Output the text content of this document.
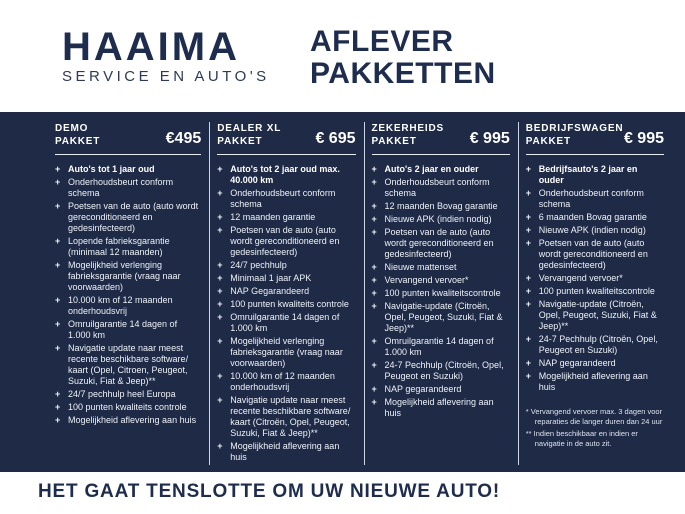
HAAIMA
SERVICE EN AUTO'S
AFLEVER
PAKKETTEN
DEMO
PAKKET	€495
+ Auto's tot 1 jaar oud
+ Onderhoudsbeurt conform schema
+ Poetsen van de auto (auto wordt gereconditioneerd en gedesinfecteerd)
+ Lopende fabrieksgarantie (minimaal 12 maanden)
+ Mogelijkheid verlenging fabrieksgarantie (vraag naar voorwaarden)
+ 10.000 km of 12 maanden onderhoudsvrij
+ Omruilgarantie 14 dagen of 1.000 km
+ Navigatie update naar meest recente beschikbare software/ kaart (Opel, Citroen, Peugeot, Suzuki, Fiat & Jeep)**
+ 24/7 pechhulp heel Europa
+ 100 punten kwaliteits controle
+ Mogelijkheid aflevering aan huis
DEALER XL
PAKKET	€ 695
+ Auto's tot 2 jaar oud max. 40.000 km
+ Onderhoudsbeurt conform schema
+ 12 maanden garantie
+ Poetsen van de auto (auto wordt gereconditioneerd en gedesinfecteerd)
+ 24/7 pechhulp
+ Minimaal 1 jaar APK
+ NAP Gegarandeerd
+ 100 punten kwaliteits controle
+ Omruilgarantie 14 dagen of 1.000 km
+ Mogelijkheid verlenging fabrieksgarantie (vraag naar voorwaarden)
+ 10.000 km of 12 maanden onderhoudsvrij
+ Navigatie update naar meest recente beschikbare software/ kaart (Citroën, Opel, Peugeot, Suzuki, Fiat & Jeep)**
+ Mogelijkheid aflevering aan huis
ZEKERHEIDS
PAKKET	€ 995
+ Auto's 2 jaar en ouder
+ Onderhoudsbeurt conform schema
+ 12 maanden Bovag garantie
+ Nieuwe APK (indien nodig)
+ Poetsen van de auto (auto wordt gereconditioneerd en gedesinfecteerd)
+ Nieuwe mattenset
+ Vervangend vervoer*
+ 100 punten kwaliteitscontrole
+ Navigatie-update (Citroën, Opel, Peugeot, Suzuki, Fiat & Jeep)**
+ Omruilgarantie 14 dagen of 1.000 km
+ 24-7 Pechhulp (Citroën, Opel, Peugeot en Suzuki)
+ NAP gegarandeerd
+ Mogelijkheid aflevering aan huis
BEDRIJFSWAGEN
PAKKET	€ 995
+ Bedrijfsauto's 2 jaar en ouder
+ Onderhoudsbeurt conform schema
+ 6 maanden Bovag garantie
+ Nieuwe APK (indien nodig)
+ Poetsen van de auto (auto wordt gereconditioneerd en gedesinfecteerd)
+ Vervangend vervoer*
+ 100 punten kwaliteitscontrole
+ Navigatie-update (Citroën, Opel, Peugeot, Suzuki, Fiat & Jeep)**
+ 24-7 Pechhulp (Citroën, Opel, Peugeot en Suzuki)
+ NAP gegarandeerd
+ Mogelijkheid aflevering aan huis
* Vervangend vervoer max. 3 dagen voor reparaties die langer duren dan 24 uur
** Indien beschikbaar en indien er navigatie in de auto zit.
HET GAAT TENSLOTTE OM UW NIEUWE AUTO!
